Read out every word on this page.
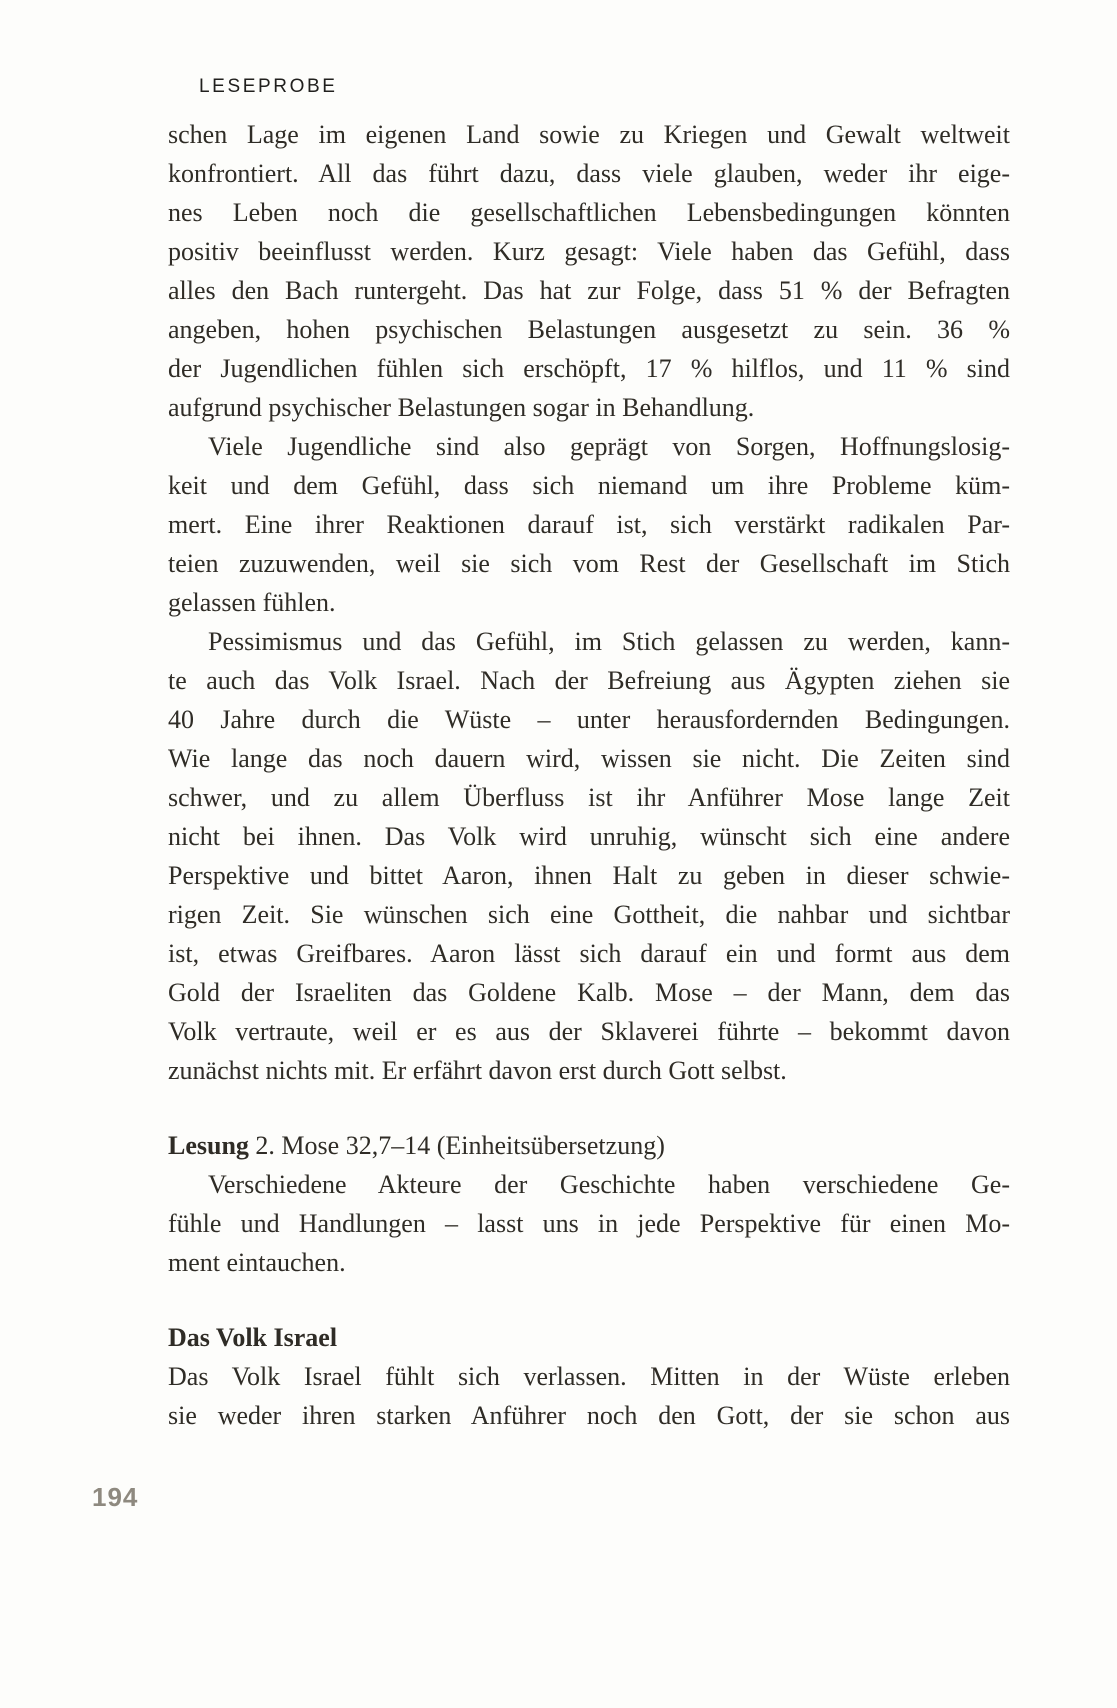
LESEPROBE
schen Lage im eigenen Land sowie zu Kriegen und Gewalt weltweit
konfrontiert. All das führt dazu, dass viele glauben, weder ihr eige-
nes Leben noch die gesellschaftlichen Lebensbedingungen könnten
positiv beeinflusst werden. Kurz gesagt: Viele haben das Gefühl, dass
alles den Bach runtergeht. Das hat zur Folge, dass 51 % der Befragten
angeben, hohen psychischen Belastungen ausgesetzt zu sein. 36 %
der Jugendlichen fühlen sich erschöpft, 17 % hilflos, und 11 % sind
aufgrund psychischer Belastungen sogar in Behandlung.
Viele Jugendliche sind also geprägt von Sorgen, Hoffnungslosig-
keit und dem Gefühl, dass sich niemand um ihre Probleme küm-
mert. Eine ihrer Reaktionen darauf ist, sich verstärkt radikalen Par-
teien zuzuwenden, weil sie sich vom Rest der Gesellschaft im Stich
gelassen fühlen.
Pessimismus und das Gefühl, im Stich gelassen zu werden, kann-
te auch das Volk Israel. Nach der Befreiung aus Ägypten ziehen sie
40 Jahre durch die Wüste – unter herausfordernden Bedingungen.
Wie lange das noch dauern wird, wissen sie nicht. Die Zeiten sind
schwer, und zu allem Überfluss ist ihr Anführer Mose lange Zeit
nicht bei ihnen. Das Volk wird unruhig, wünscht sich eine andere
Perspektive und bittet Aaron, ihnen Halt zu geben in dieser schwie-
rigen Zeit. Sie wünschen sich eine Gottheit, die nahbar und sichtbar
ist, etwas Greifbares. Aaron lässt sich darauf ein und formt aus dem
Gold der Israeliten das Goldene Kalb. Mose – der Mann, dem das
Volk vertraute, weil er es aus der Sklaverei führte – bekommt davon
zunächst nichts mit. Er erfährt davon erst durch Gott selbst.
Lesung 2. Mose 32,7–14 (Einheitsübersetzung)
Verschiedene Akteure der Geschichte haben verschiedene Ge-
fühle und Handlungen – lasst uns in jede Perspektive für einen Mo-
ment eintauchen.
Das Volk Israel
Das Volk Israel fühlt sich verlassen. Mitten in der Wüste erleben
sie weder ihren starken Anführer noch den Gott, der sie schon aus
194
